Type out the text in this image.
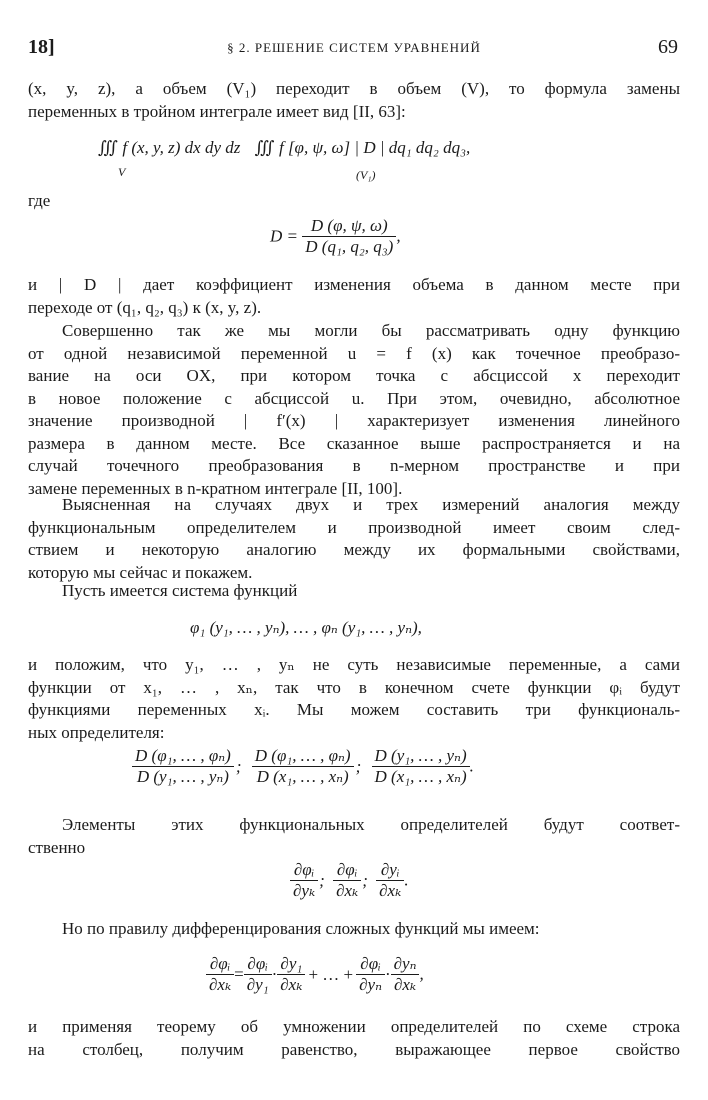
18]	§ 2. РЕШЕНИЕ СИСТЕМ УРАВНЕНИЙ	69
(x, y, z), а объем (V₁) переходит в объем (V), то формула замены
переменных в тройном интеграле имеет вид [II, 63]:
∭ f (x, y, z) dx dy dz ∭ f [φ, ψ, ω] | D | dq₁ dq₂ dq₃,
V	(V₁)
где
$D = \frac{D (\varphi, \psi, \omega)}{\text{D (q₁, q₂, q₃)}}$ ,
и | D | дает коэффициент изменения объема в данном месте при
переходе от (q₁, q₂, q₃) к (x, y, z).
Совершенно так же мы могли бы рассматривать одну функцию
от одной независимой переменной u = f (x) как точечное преобразо-
вание на оси OX, при котором точка с абсциссой x переходит
в новое положение с абсциссой u. При этом, очевидно, абсолютное
значение производной | f′(x) | характеризует изменения линейного
размера в данном месте. Все сказанное выше распространяется и на
случай точечного преобразования в n-мерном пространстве и при
замене переменных в n-кратном интеграле [II, 100].
Выясненная на случаях двух и трех измерений аналогия между
функциональным определителем и производной имеет своим след-
ствием и некоторую аналогию между их формальными свойствами,
которую мы сейчас и покажем.
Пусть имеется система функций
φ₁ (y₁, … , yₙ), … , φₙ (y₁, … , yₙ),
и положим, что y₁, … , yₙ не суть независимые переменные, а сами
функции от x₁, … , xₙ, так что в конечном счете функции φᵢ будут
функциями переменных xᵢ. Мы можем составить три функциональ-
ных определителя:
$\frac{\text{D (φ₁, … , φₙ)}}{\text{D (y₁, … , yₙ)}}$ ; $\frac{\text{D (φ₁, … , φₙ)}}{\text{D (x₁, … , xₙ)}}$ ; $\frac{\text{D (y₁, … , yₙ)}}{\text{D (x₁, … , xₙ)}}$ .
Элементы этих функциональных определителей будут соответ-
ственно
$\frac{\text{∂φᵢ}}{\text{∂yₖ}}$ ; $\frac{\text{∂φᵢ}}{\text{∂xₖ}}$ ; $\frac{\text{∂yᵢ}}{\text{∂xₖ}}$ .
Но по правилу дифференцирования сложных функций мы имеем:
$\frac{\text{∂φᵢ}}{\text{∂xₖ}} = \frac{\text{∂φᵢ}}{\text{∂y₁}} \cdot \frac{\text{∂y₁}}{\text{∂xₖ}}$ + … + $\frac{\text{∂φᵢ}}{\text{∂yₙ}} \cdot \frac{\text{∂yₙ}}{\text{∂xₖ}}$ ,
и применяя теорему об умножении определителей по схеме строка
на столбец, получим равенство, выражающее первое свойство
